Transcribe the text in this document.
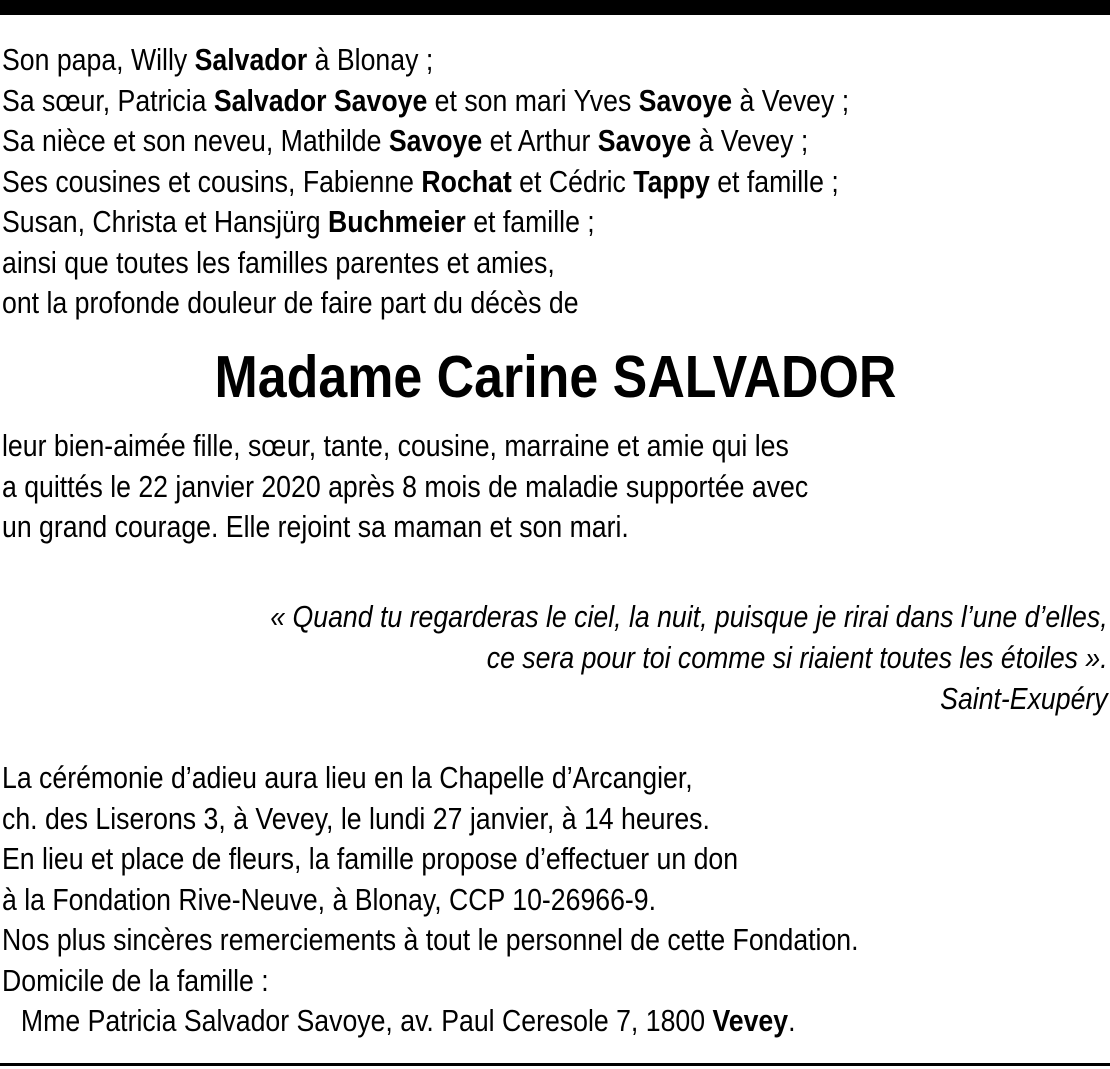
Son papa, Willy Salvador à Blonay ;
Sa sœur, Patricia Salvador Savoye et son mari Yves Savoye à Vevey ;
Sa nièce et son neveu, Mathilde Savoye et Arthur Savoye à Vevey ;
Ses cousines et cousins, Fabienne Rochat et Cédric Tappy et famille ;
Susan, Christa et Hansjürg Buchmeier et famille ;
ainsi que toutes les familles parentes et amies,
ont la profonde douleur de faire part du décès de
Madame Carine SALVADOR
leur bien-aimée fille, sœur, tante, cousine, marraine et amie qui les
a quittés le 22 janvier 2020 après 8 mois de maladie supportée avec
un grand courage. Elle rejoint sa maman et son mari.
« Quand tu regarderas le ciel, la nuit, puisque je rirai dans l’une d’elles,
ce sera pour toi comme si riaient toutes les étoiles ».
Saint-Exupéry
La cérémonie d’adieu aura lieu en la Chapelle d’Arcangier,
ch. des Liserons 3, à Vevey, le lundi 27 janvier, à 14 heures.
En lieu et place de fleurs, la famille propose d’effectuer un don
à la Fondation Rive-Neuve, à Blonay, CCP 10-26966-9.
Nos plus sincères remerciements à tout le personnel de cette Fondation.
Domicile de la famille :
Mme Patricia Salvador Savoye, av. Paul Ceresole 7, 1800 Vevey.
